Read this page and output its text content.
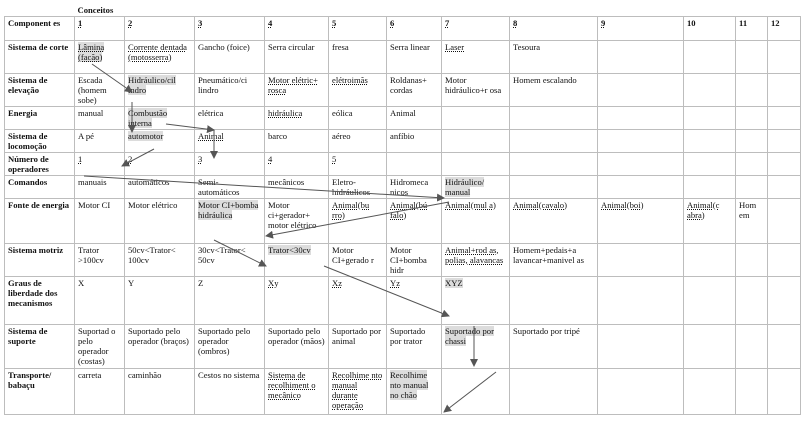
	Conceitos											
Component es	1	2	3	4	5	6	7	8	9	10	11	12
Sistema de corte	Lâmina (facão)	Corrente dentada (motosserra)	Gancho (foice)	Serra circular	fresa	Serra linear	Laser	Tesoura				
Sistema de elevação	Escada (homem sobe)	Hidráulico/cil indro	Pneumático/ci lindro	Motor elétric+ rosca	elétroimãs	Roldanas+ cordas	Motor hidráulico+r osa	Homem escalando				
Energia	manual	Combustão interna	elétrica	hidráulica	eólica	Animal						
Sistema de locomoção	A pé	automotor	Animal	barco	aéreo	anfíbio						
Número de operadores	1	2	3	4	5							
Comandos	manuais	automáticos	Semi- automáticos	mecânicos	Eletro- hidráulicos	Hidromeca nicos	Hidráulico/ manual					
Fonte de energia	Motor CI	Motor elétrico	Motor CI+bomba hidráulica	Motor ci+gerador+ motor elétrico	Animal(bu rro)	Animal(bú falo)	Animal(mul a)	Animal(cavalo)	Animal(boi)	Animal(c abra)	Hom em	
Sistema motriz	Trator >100cv	50cv<Trator< 100cv	30cv<Trator< 50cv	Trator<30cv	Motor CI+gerado r	Motor CI+bomba hidr	Animal+rod as, polias, alavancas	Homem+pedais+a lavancar+manivel as				
Graus de liberdade dos mecanismos	X	Y	Z	Xy	Xz	Yz	XYZ					
Sistema de suporte	Suportad o pelo operador (costas)	Suportado pelo operador (braços)	Suportado pelo operador (ombros)	Suportado pelo operador (mãos)	Suportado por animal	Suportado por trator	Suportado por chassi	Suportado por tripé				
Transporte/ babaçu	carreta	caminhão	Cestos no sistema	Sistema de recolhiment o mecânico	Recolhime nto manual durante operação	Recolhime nto manual no chão						
